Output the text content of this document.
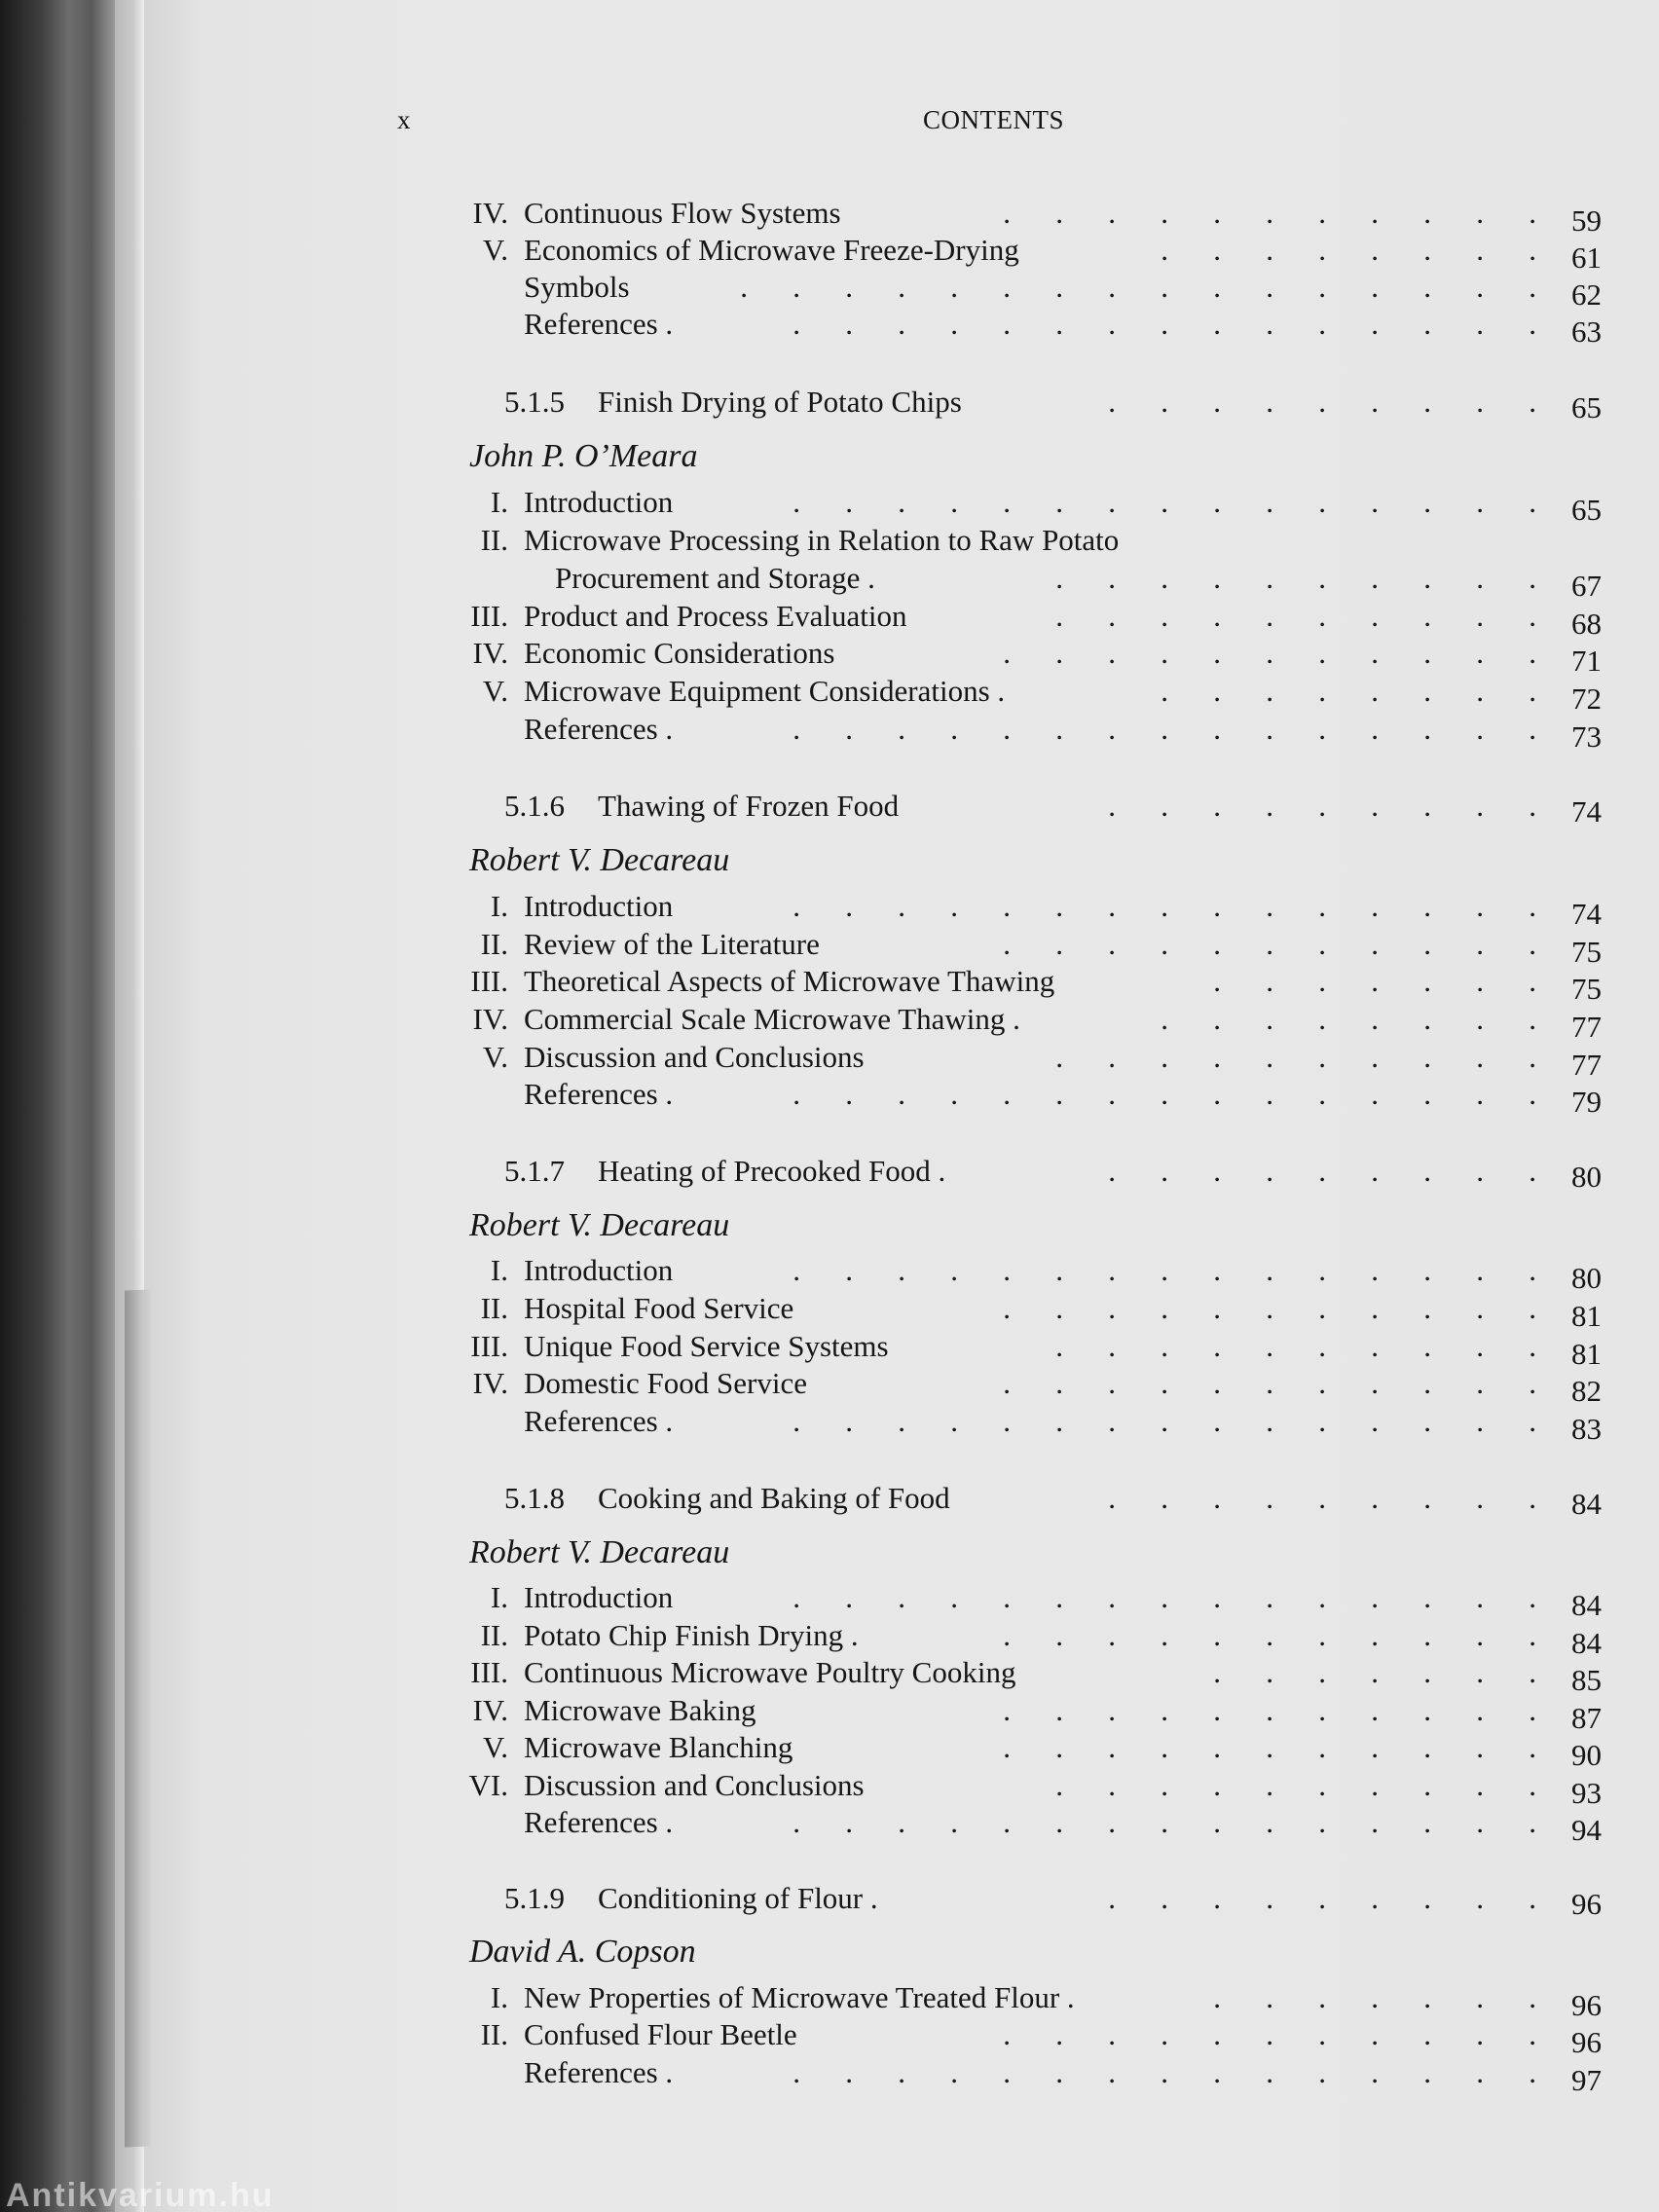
x	CONTENTS
IV. Continuous Flow Systems	. . . . . . . . . . . 59
V. Economics of Microwave Freeze-Drying	. . . . . . . . 61
Symbols	. . . . . . . . . . . . . . . . 62
References .	. . . . . . . . . . . . . . . 63
5.1.5 Finish Drying of Potato Chips	. . . . . . . . . 65
John P. O’Meara
I. Introduction	. . . . . . . . . . . . . . . 65
II. Microwave Processing in Relation to Raw Potato
Procurement and Storage .	. . . . . . . . . . 67
III. Product and Process Evaluation	. . . . . . . . . . 68
IV. Economic Considerations	. . . . . . . . . . . 71
V. Microwave Equipment Considerations .	. . . . . . . . 72
References .	. . . . . . . . . . . . . . . 73
5.1.6 Thawing of Frozen Food	. . . . . . . . . 74
Robert V. Decareau
I. Introduction	. . . . . . . . . . . . . . . 74
II. Review of the Literature	. . . . . . . . . . . 75
III. Theoretical Aspects of Microwave Thawing	. . . . . . . 75
IV. Commercial Scale Microwave Thawing .	. . . . . . . . 77
V. Discussion and Conclusions	. . . . . . . . . . 77
References .	. . . . . . . . . . . . . . . 79
5.1.7 Heating of Precooked Food .	. . . . . . . . . 80
Robert V. Decareau
I. Introduction	. . . . . . . . . . . . . . . 80
II. Hospital Food Service	. . . . . . . . . . . 81
III. Unique Food Service Systems	. . . . . . . . . . 81
IV. Domestic Food Service	. . . . . . . . . . . 82
References .	. . . . . . . . . . . . . . . 83
5.1.8 Cooking and Baking of Food	. . . . . . . . . 84
Robert V. Decareau
I. Introduction	. . . . . . . . . . . . . . . 84
II. Potato Chip Finish Drying .	. . . . . . . . . . . 84
III. Continuous Microwave Poultry Cooking	. . . . . . . 85
IV. Microwave Baking	. . . . . . . . . . . 87
V. Microwave Blanching	. . . . . . . . . . . 90
VI. Discussion and Conclusions	. . . . . . . . . . 93
References .	. . . . . . . . . . . . . . . 94
5.1.9 Conditioning of Flour .	. . . . . . . . . 96
David A. Copson
I. New Properties of Microwave Treated Flour .	. . . . . . . 96
II. Confused Flour Beetle	. . . . . . . . . . . 96
References .	. . . . . . . . . . . . . . . 97
Antikvarium.hu
